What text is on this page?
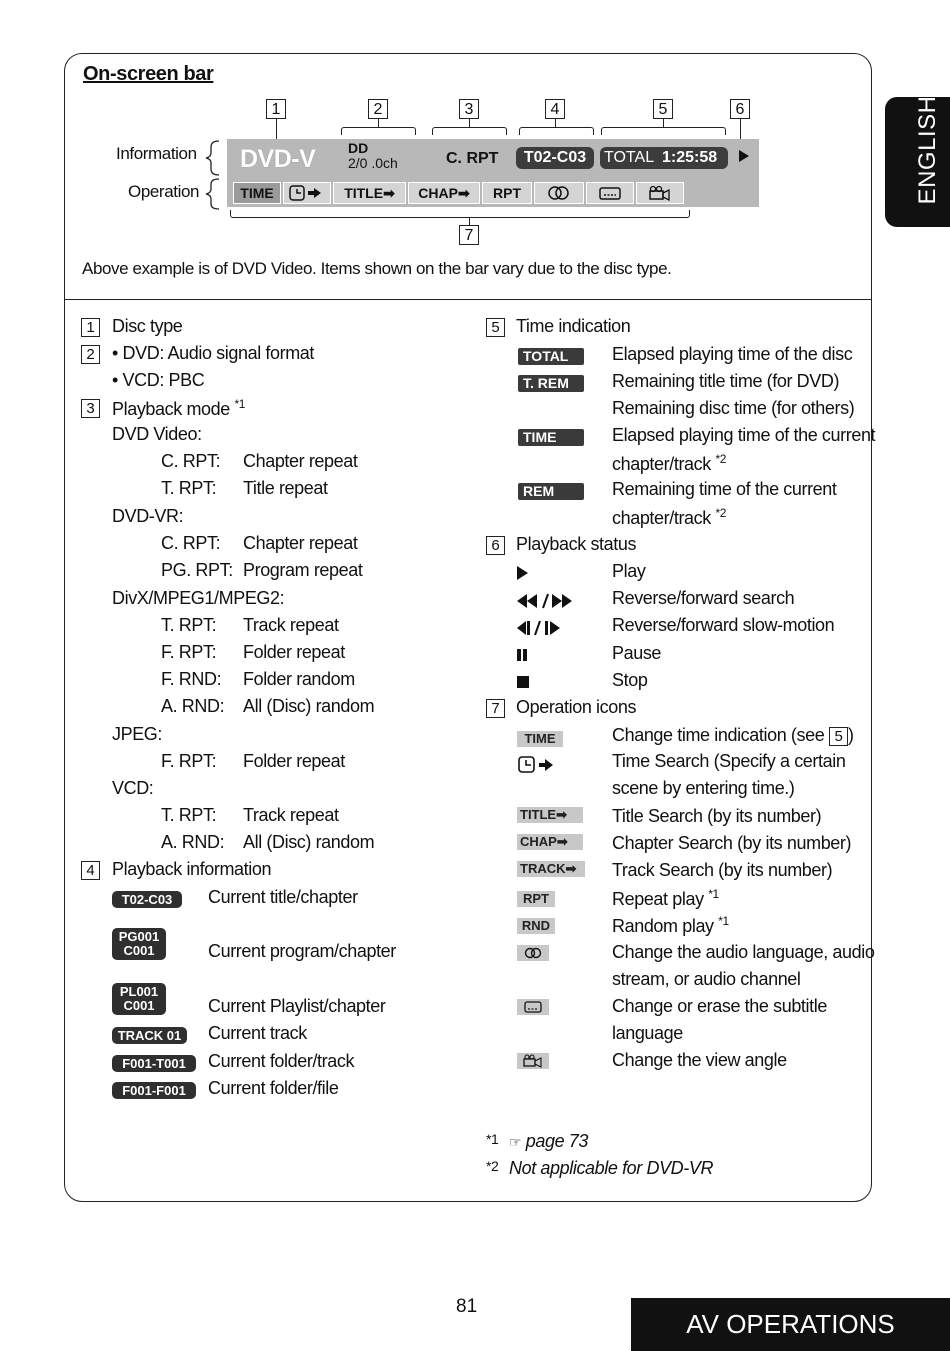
ENGLISH
On-screen bar
1	2	3	4	5	6
Information
Operation
DVD-V DD
2/0 .0ch	C. RPT	T02-C03	TOTAL 1:25:58
TIME	TITLE➡	CHAP➡	RPT
7
Above example is of DVD Video. Items shown on the bar vary due to the disc type.
1 Disc type
2 • DVD: Audio signal format
• VCD: PBC
3 Playback mode $^{*1}$
DVD Video:
C. RPT: Chapter repeat
T. RPT: Title repeat
DVD-VR:
C. RPT: Chapter repeat
PG. RPT: Program repeat
DivX/MPEG1/MPEG2:
T. RPT: Track repeat
F. RPT: Folder repeat
F. RND: Folder random
A. RND: All (Disc) random
JPEG:
F. RPT: Folder repeat
VCD:
T. RPT: Track repeat
A. RND: All (Disc) random
4 Playback information
T02-C03	Current title/chapter
PG001
C001	Current program/chapter
PL001
C001	Current Playlist/chapter
TRACK 01	Current track
F001-T001	Current folder/track
F001-F001	Current folder/file
5 Time indication
TOTAL	Elapsed playing time of the disc
T. REM	Remaining title time (for DVD)
Remaining disc time (for others)
TIME	Elapsed playing time of the current
chapter/track $^{*2}$
REM	Remaining time of the current
chapter/track $^{*2}$
6 Playback status
Play
Reverse/forward search
Reverse/forward slow-motion
Pause
Stop
7 Operation icons
TIME	Change time indication (see 5 )
Time Search (Specify a certain
scene by entering time.)
TITLE➡	Title Search (by its number)
CHAP➡	Chapter Search (by its number)
TRACK➡	Track Search (by its number)
RPT	Repeat play $^{*1}$
RND	Random play $^{*1}$
Change the audio language, audio
stream, or audio channel
Change or erase the subtitle
language
Change the view angle
*1 ☞ page 73
*2 Not applicable for DVD-VR
81
AV OPERATIONS
